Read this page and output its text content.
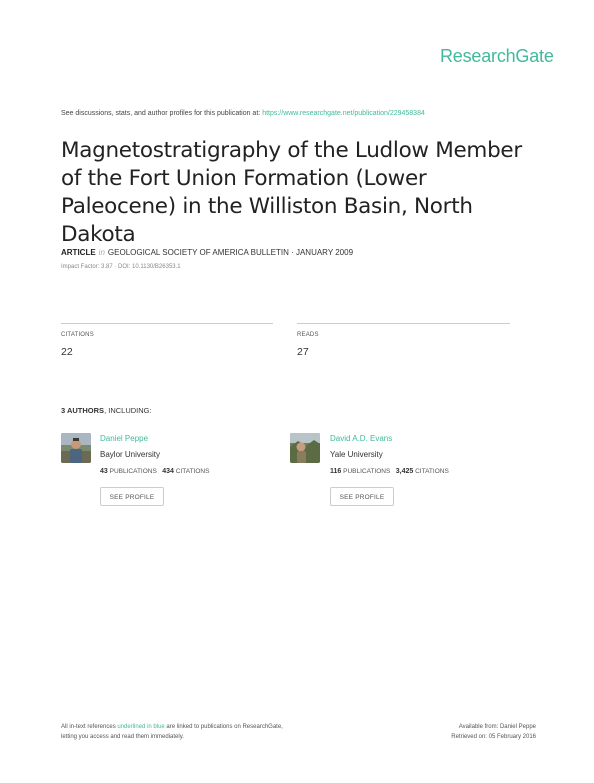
ResearchGate
See discussions, stats, and author profiles for this publication at: https://www.researchgate.net/publication/229458384
Magnetostratigraphy of the Ludlow Member of the Fort Union Formation (Lower Paleocene) in the Williston Basin, North Dakota
ARTICLE in GEOLOGICAL SOCIETY OF AMERICA BULLETIN · JANUARY 2009
Impact Factor: 3.87 · DOI: 10.1130/B26353.1
CITATIONS
22
READS
27
3 AUTHORS, INCLUDING:
Daniel Peppe
Baylor University
43 PUBLICATIONS 434 CITATIONS
SEE PROFILE
David A.D. Evans
Yale University
116 PUBLICATIONS 3,425 CITATIONS
SEE PROFILE
All in-text references underlined in blue are linked to publications on ResearchGate,
letting you access and read them immediately.
Available from: Daniel Peppe
Retrieved on: 05 February 2016
